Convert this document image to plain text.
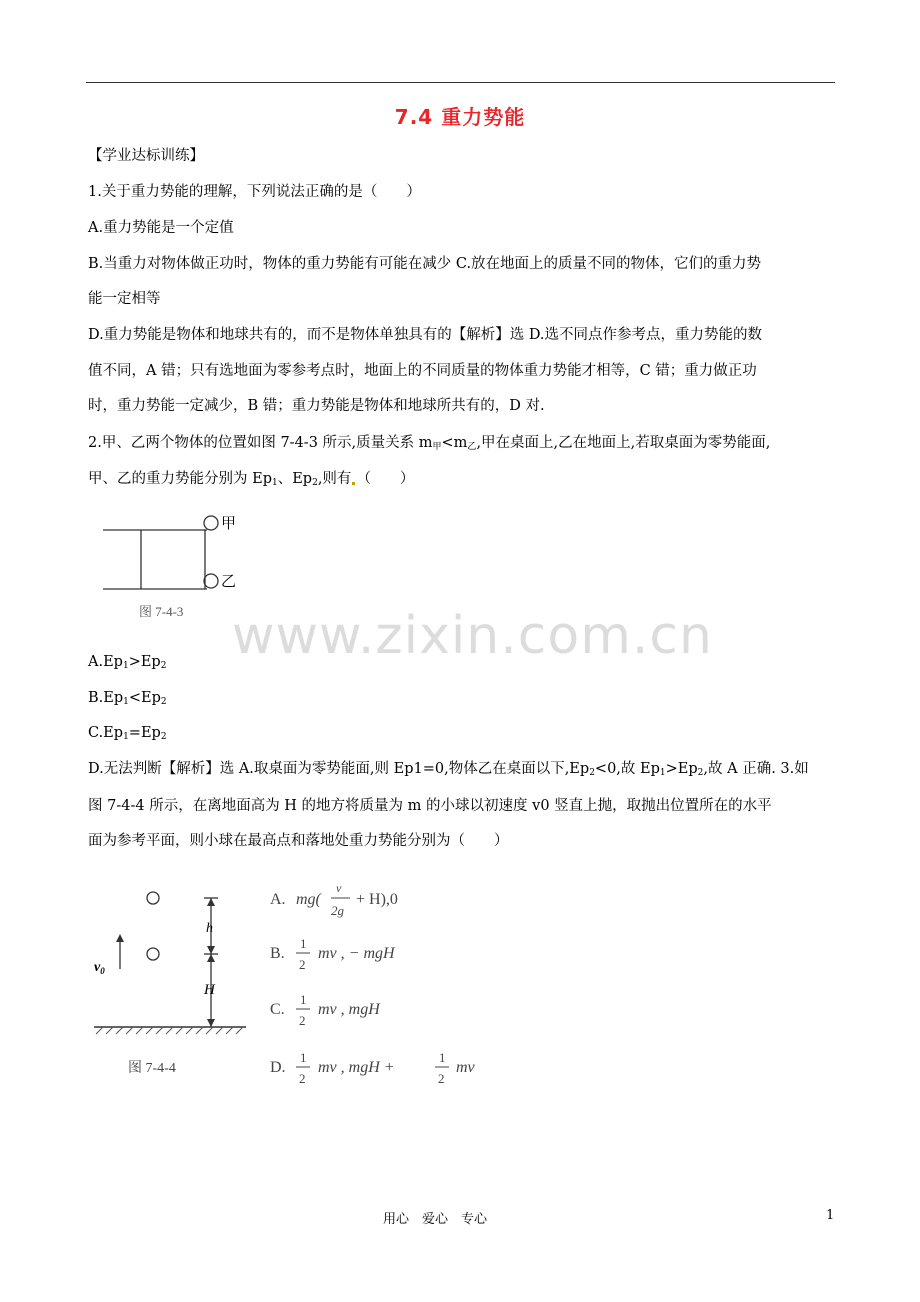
7.4 重力势能
【学业达标训练】
1.关于重力势能的理解，下列说法正确的是（　　）
A.重力势能是一个定值
B.当重力对物体做正功时，物体的重力势能有可能在减少 C.放在地面上的质量不同的物体，它们的重力势
能一定相等
D.重力势能是物体和地球共有的，而不是物体单独具有的【解析】选 D.选不同点作参考点，重力势能的数
值不同，A 错；只有选地面为零参考点时，地面上的不同质量的物体重力势能才相等，C 错；重力做正功
时，重力势能一定减少，B 错；重力势能是物体和地球所共有的，D 对.
2.甲、乙两个物体的位置如图 7-4-3 所示,质量关系 $m_甲<m_乙$,甲在桌面上,乙在地面上,若取桌面为零势能面,
甲、乙的重力势能分别为 $Ep_1$、$Ep_2$,则有 （　　）
甲
乙
图 7-4-3 www.zixin.com.cn
$A.Ep_1>Ep_2$
$B.Ep_1<Ep_2$
$C.Ep_1=Ep_2$
D.无法判断【解析】选 A.取桌面为零势能面,则 Ep1=0,物体乙在桌面以下$,Ep_2<0$,故 $Ep_1>Ep_2$,故 A 正确. 3.如
图 7-4-4 所示，在离地面高为 H 的地方将质量为 m 的小球以初速度 v0 竖直上抛，取抛出位置所在的水平
面为参考平面，则小球在最高点和落地处重力势能分别为（　　）
$v_0$
h
H
图 7-4-4
A. mg(
v
2g
+ H),0
B.
1
2
mv , − mgH
C.
1
2
mv , mgH
D.
1
2
mv , mgH +
1
2
mv
用心　爱心　专心	1
